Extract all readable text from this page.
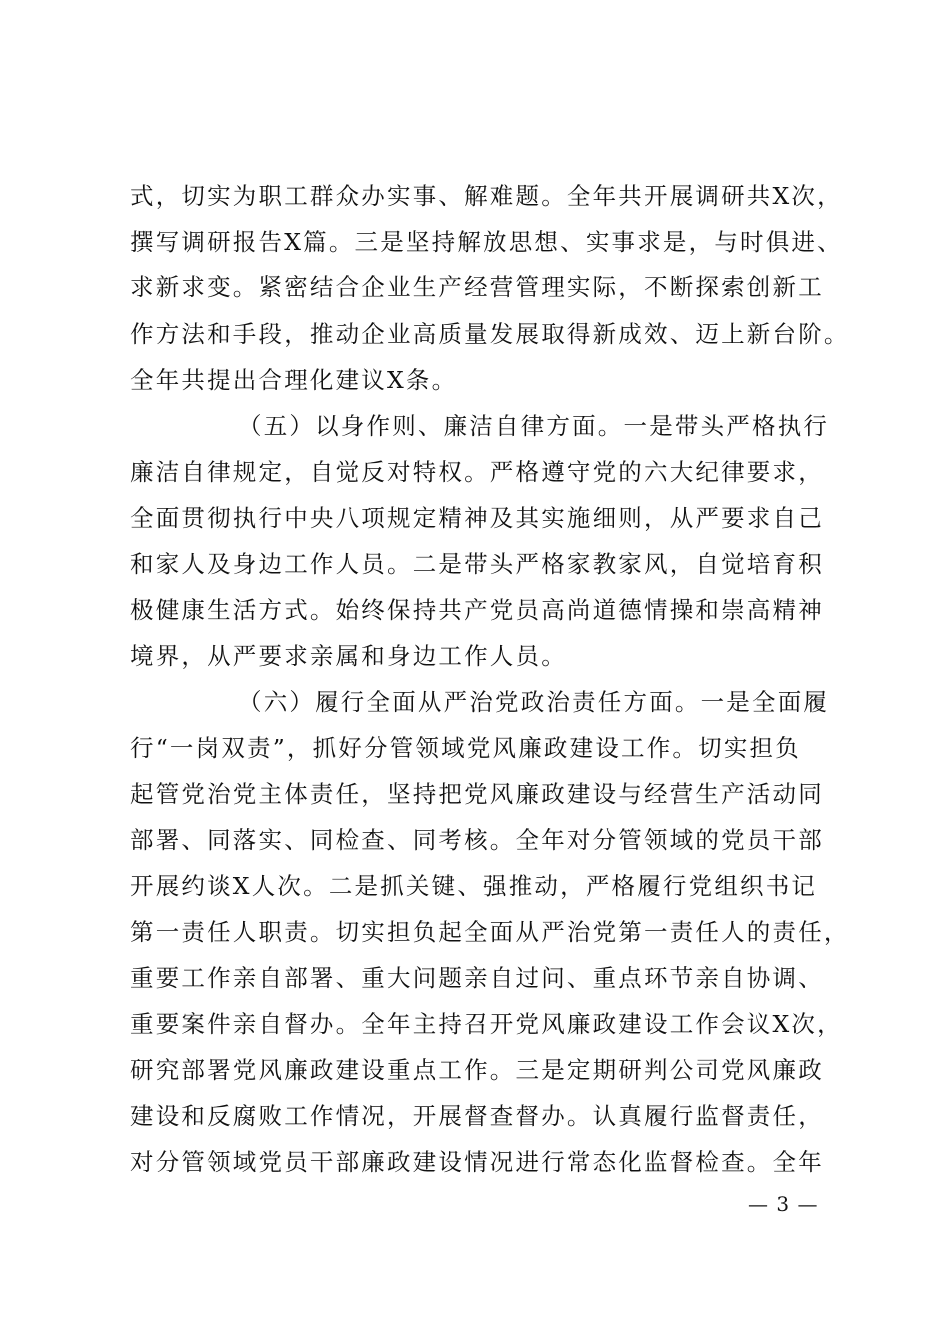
式，切实为职工群众办实事、解难题。全年共开展调研共X次，
撰写调研报告X篇。三是坚持解放思想、实事求是，与时俱进、
求新求变。紧密结合企业生产经营管理实际，不断探索创新工
作方法和手段，推动企业高质量发展取得新成效、迈上新台阶。
全年共提出合理化建议X条。
（五）以身作则、廉洁自律方面。一是带头严格执行
廉洁自律规定，自觉反对特权。严格遵守党的六大纪律要求，
全面贯彻执行中央八项规定精神及其实施细则，从严要求自己
和家人及身边工作人员。二是带头严格家教家风，自觉培育积
极健康生活方式。始终保持共产党员高尚道德情操和崇高精神
境界，从严要求亲属和身边工作人员。
（六）履行全面从严治党政治责任方面。一是全面履
行“一岗双责”，抓好分管领域党风廉政建设工作。切实担负
起管党治党主体责任，坚持把党风廉政建设与经营生产活动同
部署、同落实、同检查、同考核。全年对分管领域的党员干部
开展约谈X人次。二是抓关键、强推动，严格履行党组织书记
第一责任人职责。切实担负起全面从严治党第一责任人的责任，
重要工作亲自部署、重大问题亲自过问、重点环节亲自协调、
重要案件亲自督办。全年主持召开党风廉政建设工作会议X次，
研究部署党风廉政建设重点工作。三是定期研判公司党风廉政
建设和反腐败工作情况，开展督查督办。认真履行监督责任，
对分管领域党员干部廉政建设情况进行常态化监督检查。全年
— 3 —
